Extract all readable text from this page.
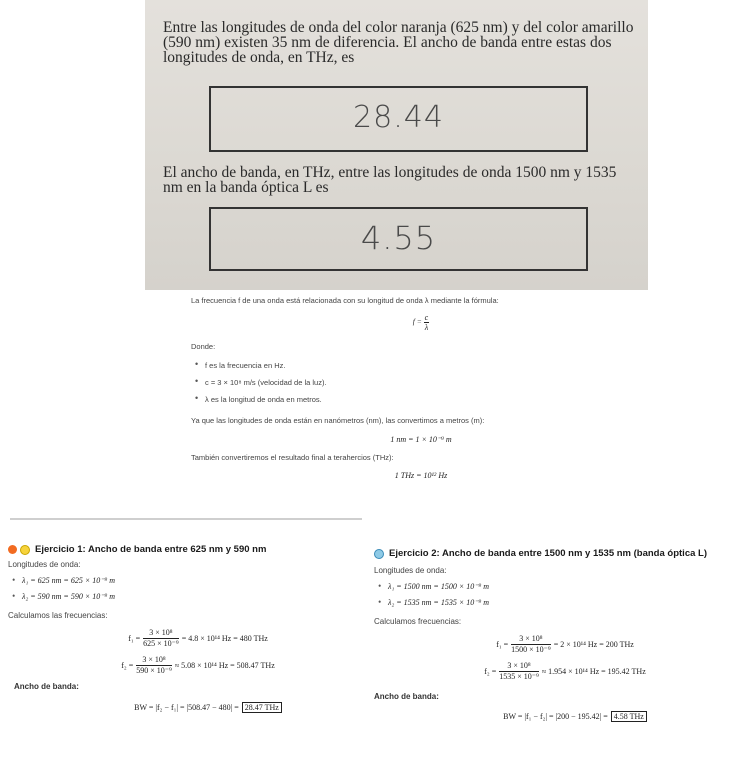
Entre las longitudes de onda del color naranja (625 nm) y del color amarillo (590 nm) existen 35 nm de diferencia. El ancho de banda entre estas dos longitudes de onda, en THz, es
28.44
El ancho de banda, en THz, entre las longitudes de onda 1500 nm y 1535 nm en la banda óptica L es
4.55

La frecuencia f de una onda está relacionada con su longitud de onda λ mediante la fórmula:

$f = \frac{c}{\lambda}$

Donde:

• f es la frecuencia en Hz.
• c = 3 × 10⁸ m/s (velocidad de la luz).
• λ es la longitud de onda en metros.

Ya que las longitudes de onda están en nanómetros (nm), las convertimos a metros (m):

1 nm = 1 × 10⁻⁹ m

También convertiremos el resultado final a terahercios (THz):

1 THz = 10¹² Hz
Ejercicio 1: Ancho de banda entre 625 nm y 590 nm

Longitudes de onda:

• λ₁ = 625 nm = 625 × 10⁻⁹ m
• λ₂ = 590 nm = 590 × 10⁻⁹ m

Calculamos las frecuencias:

$f_1 = \frac{\text{3 × 10⁸}}{\text{625 × 10⁻⁹}} = 4.8 \times 10^{14}$ Hz = 480 THz
$f_2 = \frac{\text{3 × 10⁸}}{\text{590 × 10⁻⁹}} \approx 5.08 \times 10^{14}$ Hz = 508.47 THz

Ancho de banda:

BW = |f₂ − f₁| = |508.47 − 480| = 28.47 THz
Ejercicio 2: Ancho de banda entre 1500 nm y 1535 nm (banda óptica L)

Longitudes de onda:

• λ₁ = 1500 nm = 1500 × 10⁻⁹ m
• λ₂ = 1535 nm = 1535 × 10⁻⁹ m

Calculamos frecuencias:

$f_1 = \frac{\text{3 × 10⁸}}{\text{1500 × 10⁻⁹}} = 2 \times 10^{14}$ Hz = 200 THz
$f_2 = \frac{\text{3 × 10⁸}}{\text{1535 × 10⁻⁹}} \approx 1.954 \times 10^{14}$ Hz = 195.42 THz

Ancho de banda:

BW = |f₁ − f₂| = |200 − 195.42| = 4.58 THz
